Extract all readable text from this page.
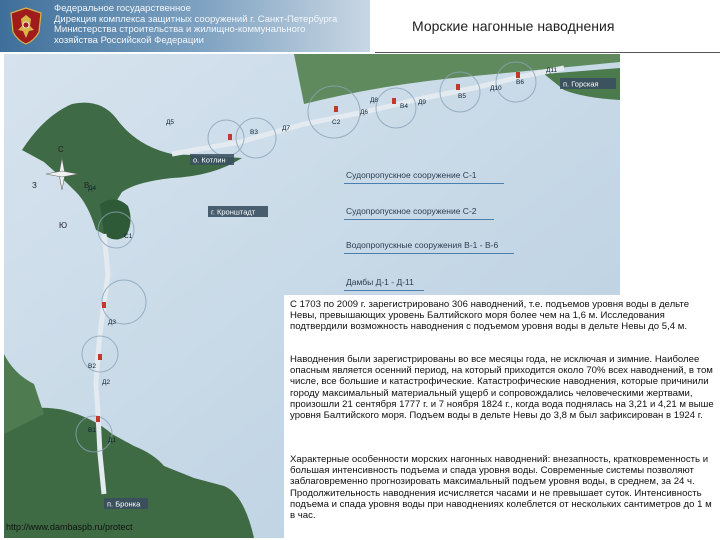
Федеральное государственное
Дирекция комплекса защитных сооружений г. Санкт-Петербурга
Министерства строительства и жилищно-коммунального
хозяйства Российской Федерации
Морские нагонные наводнения
С
Ю
З	В
о. Котлин
г. Кронштадт
п. Горская
п. Бронка
Д1
Д2
Д3
Д4
Д5
Д6
Д7
Д8	Д9
Д10
Д11
В1
В2
В3
В4
В5
В6
С1
С2
Судопропускное сооружение С-1
Судопропускное сооружение С-2
Водопропускные сооружения В-1 - В-6
Дамбы Д-1 - Д-11

С 1703 по 2009 г. зарегистрировано 306 наводнений, т.е. подъемов уровня воды в дельте Невы, превышающих уровень Балтийского моря более чем на 1,6 м. Исследования подтвердили возможность наводнения с подъемом уровня воды в дельте Невы до 5,4 м.

Наводнения были зарегистрированы во все месяцы года, не исключая и зимние. Наиболее опасным является осенний период, на который приходится около 70% всех наводнений, в том числе, все большие и катастрофические. Катастрофические наводнения, которые причинили городу максимальный материальный ущерб и сопровождались человеческими жертвами, произошли 21 сентября 1777 г. и 7 ноября 1824 г., когда вода поднялась на 3,21 и 4,21 м выше уровня Балтийского моря. Подъем воды в дельте Невы до 3,8 м был зафиксирован в 1924 г.

Характерные особенности морских нагонных наводнений: внезапность, кратковременность и большая интенсивность подъема и спада уровня воды. Современные системы позволяют заблаговременно прогнозировать максимальный подъем уровня воды, в среднем, за 24 ч. Продолжительность наводнения исчисляется часами и не превышает суток. Интенсивность подъема и спада уровня воды при наводнениях колеблется от нескольких сантиметров до 1 м в час.

http://www.dambaspb.ru/protect
